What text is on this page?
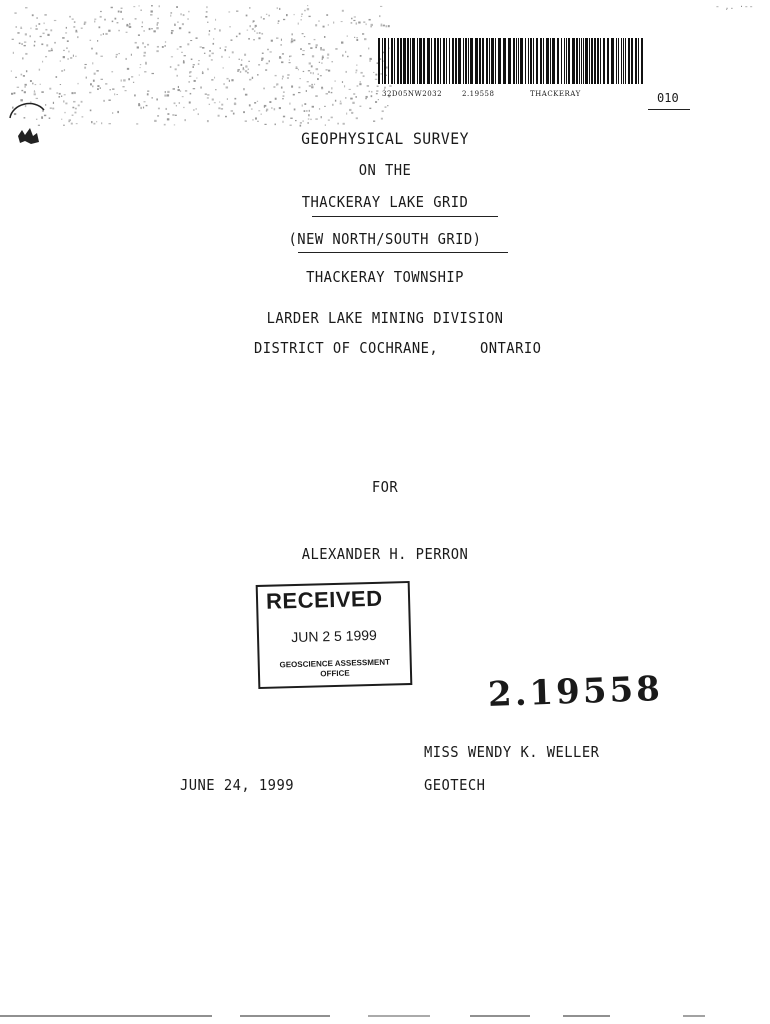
- ,. ·--
32D05NW2032	2.19558	THACKERAY	010
GEOPHYSICAL SURVEY
ON THE
THACKERAY LAKE GRID
(NEW NORTH/SOUTH GRID)
THACKERAY TOWNSHIP
LARDER LAKE MINING DIVISION
DISTRICT OF COCHRANE,	ONTARIO
FOR
ALEXANDER H. PERRON
RECEIVED
JUN 2 5 1999
GEOSCIENCE ASSESSMENT
OFFICE	2.19558
MISS WENDY K. WELLER
GEOTECH
JUNE 24, 1999
